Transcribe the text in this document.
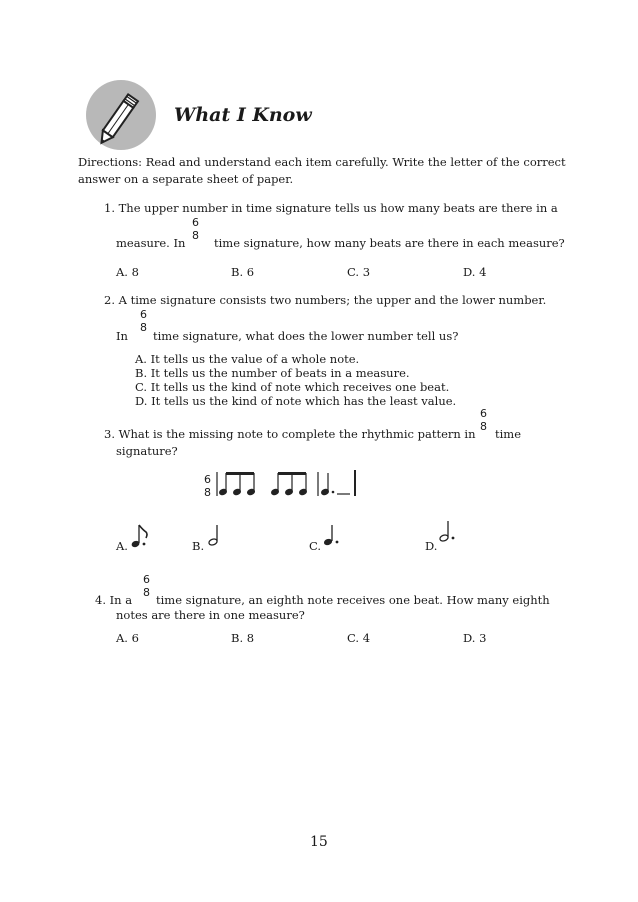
What I Know
Directions: Read and understand each item carefully. Write the letter of the correct
answer on a separate sheet of paper.
1. The upper number in time signature tells us how many beats are there in a
measure. In
6
8
time signature, how many beats are there in each measure?
A. 8	B. 6	C. 3	D. 4
2. A time signature consists two numbers; the upper and the lower number.
6
8
In time signature, what does the lower number tell us?
A. It tells us the value of a whole note.
B. It tells us the number of beats in a measure.
C. It tells us the kind of note which receives one beat.
D. It tells us the kind of note which has the least value.
6
8
3. What is the missing note to complete the rhythmic pattern in time
signature?
6
8
A.	B.	C.	D.
6
8
4. In a time signature, an eighth note receives one beat. How many eighth
notes are there in one measure?
A. 6	B. 8	C. 4	D. 3
15
